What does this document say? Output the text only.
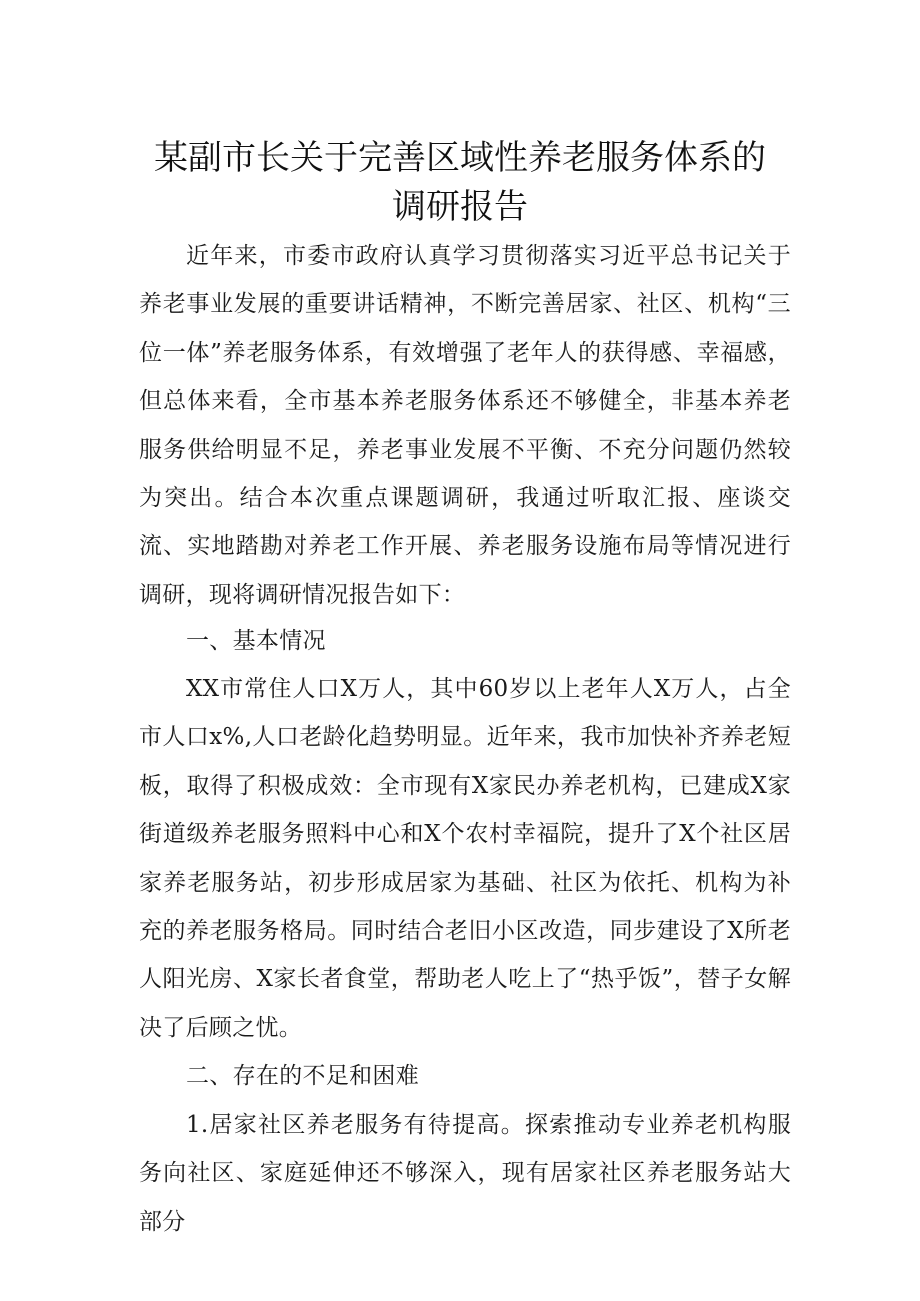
某副市长关于完善区域性养老服务体系的
调研报告

近年来，市委市政府认真学习贯彻落实习近平总书记关于养老事业发展的重要讲话精神，不断完善居家、社区、机构“三位一体”养老服务体系，有效增强了老年人的获得感、幸福感，但总体来看，全市基本养老服务体系还不够健全，非基本养老服务供给明显不足，养老事业发展不平衡、不充分问题仍然较为突出。结合本次重点课题调研，我通过听取汇报、座谈交流、实地踏勘对养老工作开展、养老服务设施布局等情况进行调研，现将调研情况报告如下：

一、基本情况

XX市常住人口X万人，其中60岁以上老年人X万人，占全市人口x%,人口老龄化趋势明显。近年来，我市加快补齐养老短板，取得了积极成效：全市现有X家民办养老机构，已建成X家街道级养老服务照料中心和X个农村幸福院，提升了X个社区居家养老服务站，初步形成居家为基础、社区为依托、机构为补充的养老服务格局。同时结合老旧小区改造，同步建设了X所老人阳光房、X家长者食堂，帮助老人吃上了“热乎饭”，替子女解决了后顾之忧。

二、存在的不足和困难

1.居家社区养老服务有待提高。探索推动专业养老机构服务向社区、家庭延伸还不够深入，现有居家社区养老服务站大部分
